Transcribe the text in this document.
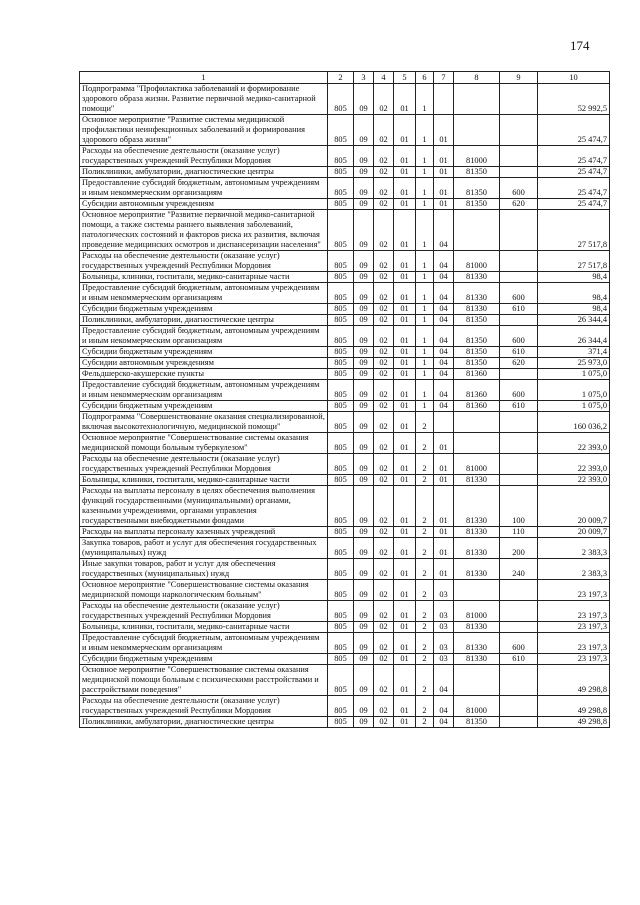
174
1	2	3	4	5	6	7	8	9	10
Подпрограмма "Профилактика заболеваний и формирование здорового образа жизни. Развитие первичной медико-санитарной помощи"	805	09	02	01	1				52 992,5
Основное мероприятие "Развитие системы медицинской профилактики неинфекционных заболеваний и формирования здорового образа жизни"	805	09	02	01	1	01			25 474,7
Расходы на обеспечение деятельности (оказание услуг) государственных учреждений Республики Мордовия	805	09	02	01	1	01	81000		25 474,7
Поликлиники, амбулатории, диагностические центры	805	09	02	01	1	01	81350		25 474,7
Предоставление субсидий бюджетным, автономным учреждениям и иным некоммерческим организациям	805	09	02	01	1	01	81350	600	25 474,7
Субсидии автономным учреждениям	805	09	02	01	1	01	81350	620	25 474,7
Основное мероприятие "Развитие первичной медико-санитарной помощи, а также системы раннего выявления заболеваний, патологических состояний и факторов риска их развития, включая проведение медицинских осмотров и диспансеризации населения"	805	09	02	01	1	04			27 517,8
Расходы на обеспечение деятельности (оказание услуг) государственных учреждений Республики Мордовия	805	09	02	01	1	04	81000		27 517,8
Больницы, клиники, госпитали, медико-санитарные части	805	09	02	01	1	04	81330		98,4
Предоставление субсидий бюджетным, автономным учреждениям и иным некоммерческим организациям	805	09	02	01	1	04	81330	600	98,4
Субсидии бюджетным учреждениям	805	09	02	01	1	04	81330	610	98,4
Поликлиники, амбулатории, диагностические центры	805	09	02	01	1	04	81350		26 344,4
Предоставление субсидий бюджетным, автономным учреждениям и иным некоммерческим организациям	805	09	02	01	1	04	81350	600	26 344,4
Субсидии бюджетным учреждениям	805	09	02	01	1	04	81350	610	371,4
Субсидии автономным учреждениям	805	09	02	01	1	04	81350	620	25 973,0
Фельдшерско-акушерские пункты	805	09	02	01	1	04	81360		1 075,0
Предоставление субсидий бюджетным, автономным учреждениям и иным некоммерческим организациям	805	09	02	01	1	04	81360	600	1 075,0
Субсидии бюджетным учреждениям	805	09	02	01	1	04	81360	610	1 075,0
Подпрограмма "Совершенствование оказания специализированной, включая высокотехнологичную, медицинской помощи"	805	09	02	01	2				160 036,2
Основное мероприятие "Совершенствование системы оказания медицинской помощи больным туберкулезом"	805	09	02	01	2	01			22 393,0
Расходы на обеспечение деятельности (оказание услуг) государственных учреждений Республики Мордовия	805	09	02	01	2	01	81000		22 393,0
Больницы, клиники, госпитали, медико-санитарные части	805	09	02	01	2	01	81330		22 393,0
Расходы на выплаты персоналу в целях обеспечения выполнения функций государственными (муниципальными) органами, казенными учреждениями, органами управления государственными внебюджетными фондами	805	09	02	01	2	01	81330	100	20 009,7
Расходы на выплаты персоналу казенных учреждений	805	09	02	01	2	01	81330	110	20 009,7
Закупка товаров, работ и услуг для обеспечения государственных (муниципальных) нужд	805	09	02	01	2	01	81330	200	2 383,3
Иные закупки товаров, работ и услуг для обеспечения государственных (муниципальных) нужд	805	09	02	01	2	01	81330	240	2 383,3
Основное мероприятие "Совершенствование системы оказания медицинской помощи наркологическим больным"	805	09	02	01	2	03			23 197,3
Расходы на обеспечение деятельности (оказание услуг) государственных учреждений Республики Мордовия	805	09	02	01	2	03	81000		23 197,3
Больницы, клиники, госпитали, медико-санитарные части	805	09	02	01	2	03	81330		23 197,3
Предоставление субсидий бюджетным, автономным учреждениям и иным некоммерческим организациям	805	09	02	01	2	03	81330	600	23 197,3
Субсидии бюджетным учреждениям	805	09	02	01	2	03	81330	610	23 197,3
Основное мероприятие "Совершенствование системы оказания медицинской помощи больным с психическими расстройствами и расстройствами поведения"	805	09	02	01	2	04			49 298,8
Расходы на обеспечение деятельности (оказание услуг) государственных учреждений Республики Мордовия	805	09	02	01	2	04	81000		49 298,8
Поликлиники, амбулатории, диагностические центры	805	09	02	01	2	04	81350		49 298,8
